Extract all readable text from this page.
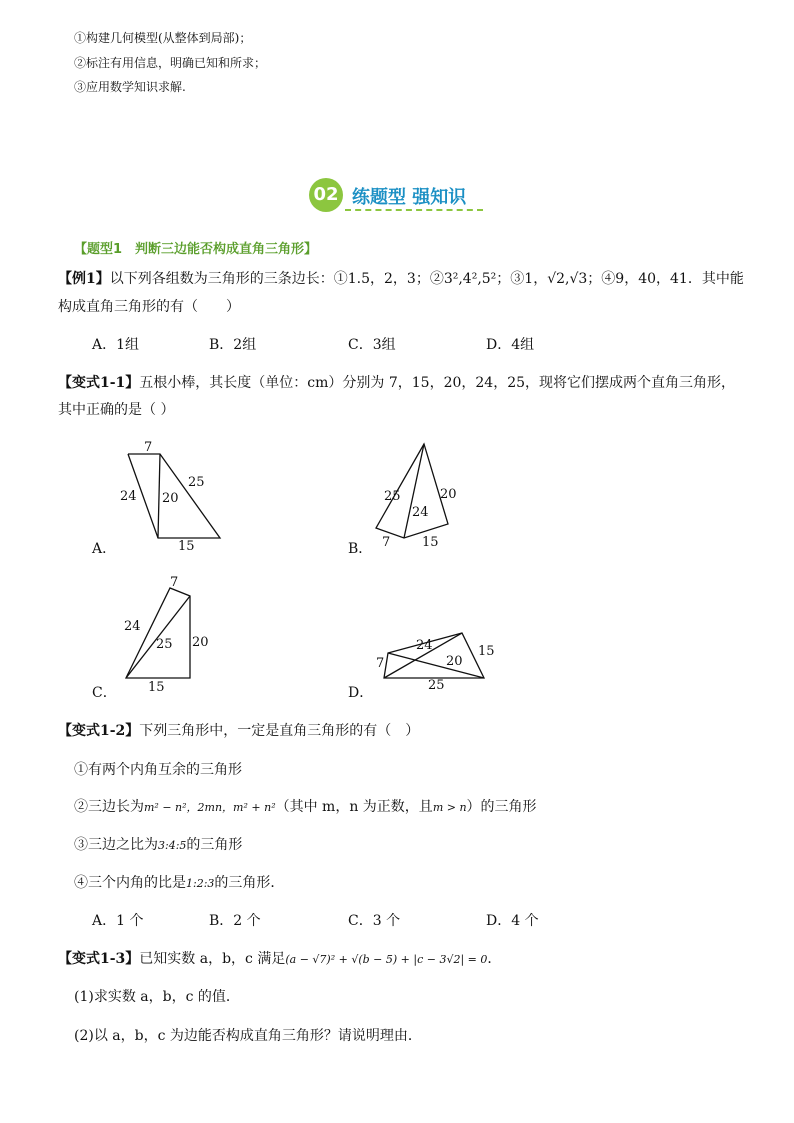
①构建几何模型(从整体到局部)；
②标注有用信息，明确已知和所求；
③应用数学知识求解.
02 练题型 强知识
【题型1　判断三边能否构成直角三角形】
【例1】以下列各组数为三角形的三条边长：①1.5，2，3；②3²,4²,5²；③1，√2,√3；④9，40，41．其中能
构成直角三角形的有（　　）
A．1组	B．2组	C．3组	D．4组
【变式1-1】五根小棒，其长度（单位：cm）分别为 7，15，20，24，25，现将它们摆成两个直角三角形，
其中正确的是（ ）
A．
7
24 20
25
15	B．
25	20
24
7 15
C．
7
24
25 20
15	D．
24
7	20
15
25
【变式1-2】下列三角形中，一定是直角三角形的有（　）
①有两个内角互余的三角形
②三边长为m² − n²，2mn，m² + n²（其中 m，n 为正数，且m > n）的三角形
③三边之比为3:4:5的三角形
④三个内角的比是1:2:3的三角形．
A．1 个	B．2 个	C．3 个	D．4 个
【变式1-3】已知实数 a，b，c 满足(a − √7)² + √(b − 5) + |c − 3√2| = 0．
(1)求实数 a，b，c 的值．
(2)以 a，b，c 为边能否构成直角三角形？请说明理由．
